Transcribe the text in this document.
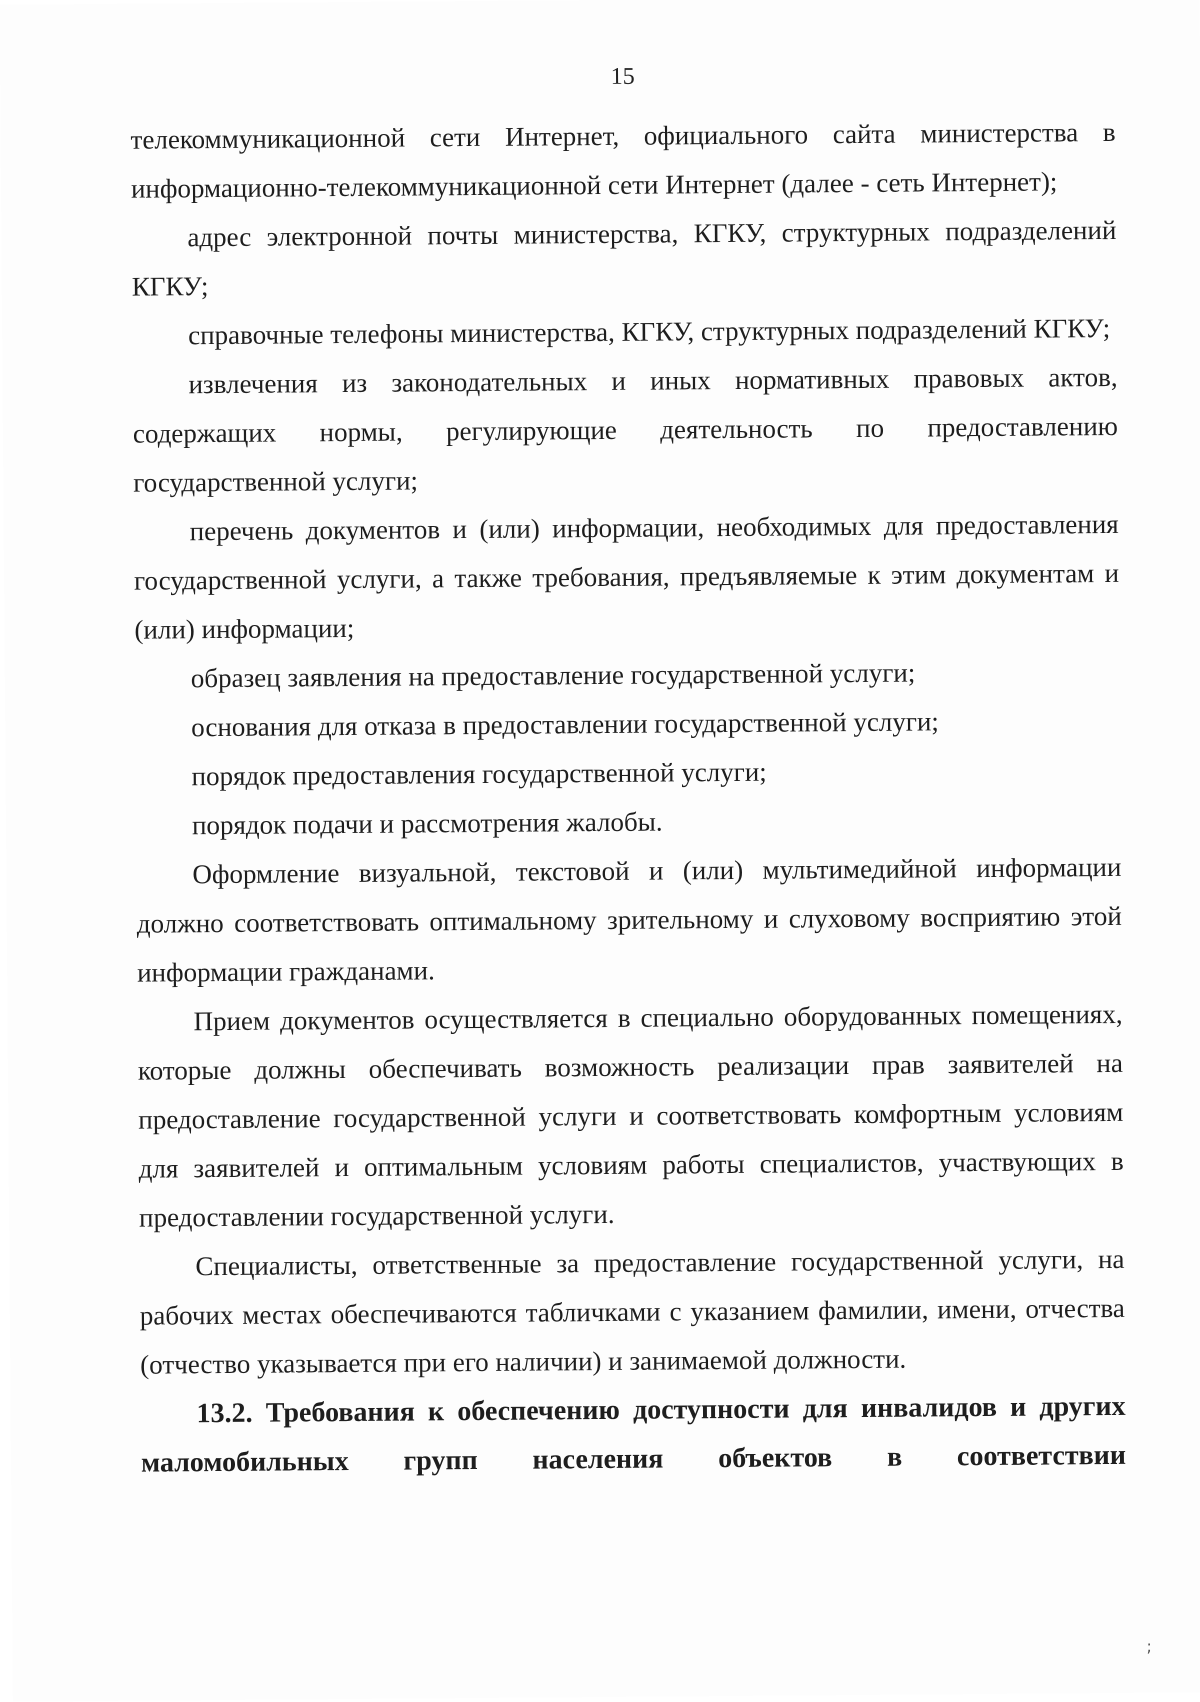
15

телекоммуникационной сети Интернет, официального сайта министерства в информационно-телекоммуникационной сети Интернет (далее - сеть Интернет);

адрес электронной почты министерства, КГКУ, структурных подразделений КГКУ;

справочные телефоны министерства, КГКУ, структурных подразделений КГКУ;

извлечения из законодательных и иных нормативных правовых актов, содержащих нормы, регулирующие деятельность по предоставлению государственной услуги;

перечень документов и (или) информации, необходимых для предоставления государственной услуги, а также требования, предъявляемые к этим документам и (или) информации;

образец заявления на предоставление государственной услуги;

основания для отказа в предоставлении государственной услуги;

порядок предоставления государственной услуги;

порядок подачи и рассмотрения жалобы.

Оформление визуальной, текстовой и (или) мультимедийной информации должно соответствовать оптимальному зрительному и слуховому восприятию этой информации гражданами.

Прием документов осуществляется в специально оборудованных помещениях, которые должны обеспечивать возможность реализации прав заявителей на предоставление государственной услуги и соответствовать комфортным условиям для заявителей и оптимальным условиям работы специалистов, участвующих в предоставлении государственной услуги.

Специалисты, ответственные за предоставление государственной услуги, на рабочих местах обеспечиваются табличками с указанием фамилии, имени, отчества (отчество указывается при его наличии) и занимаемой должности.

13.2. Требования к обеспечению доступности для инвалидов и других маломобильных групп населения объектов в соответствии

;
